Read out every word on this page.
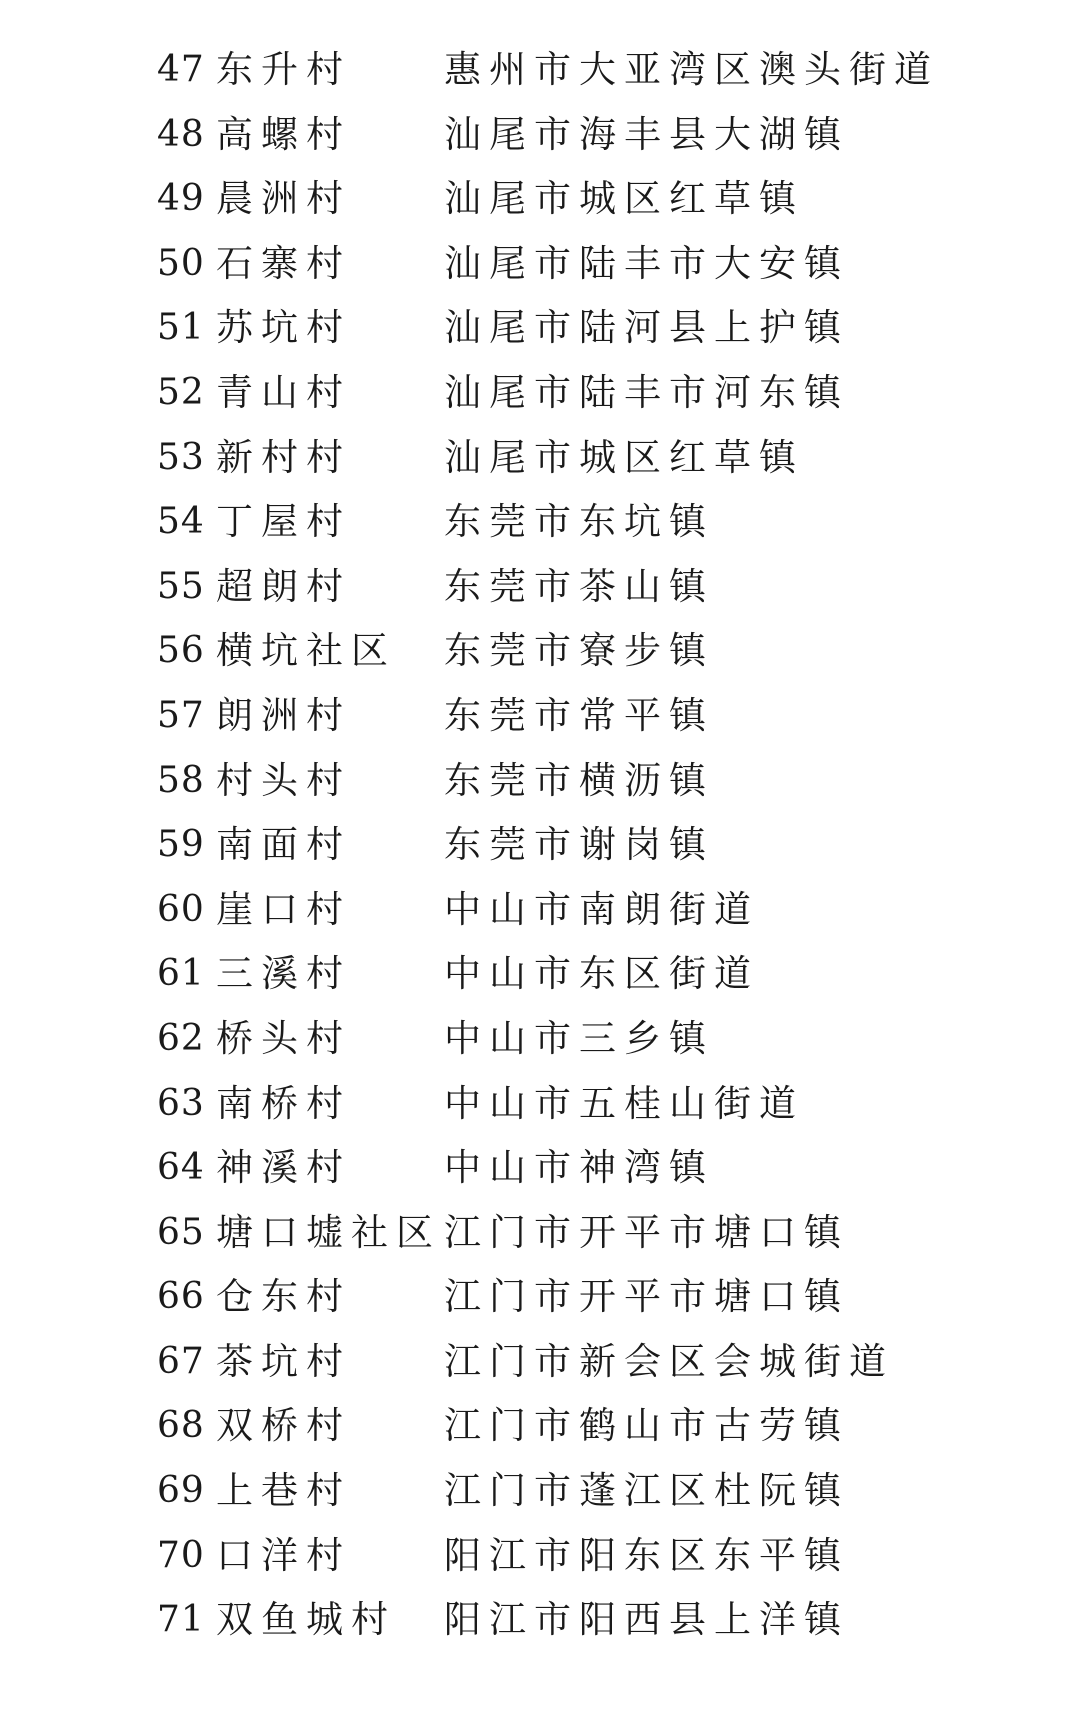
47 东升村	惠州市大亚湾区澳头街道
48 高螺村	汕尾市海丰县大湖镇
49 晨洲村	汕尾市城区红草镇
50 石寨村	汕尾市陆丰市大安镇
51 苏坑村	汕尾市陆河县上护镇
52 青山村	汕尾市陆丰市河东镇
53 新村村	汕尾市城区红草镇
54 丁屋村	东莞市东坑镇
55 超朗村	东莞市茶山镇
56 横坑社区 东莞市寮步镇
57 朗洲村	东莞市常平镇
58 村头村	东莞市横沥镇
59 南面村	东莞市谢岗镇
60 崖口村	中山市南朗街道
61 三溪村	中山市东区街道
62 桥头村	中山市三乡镇
63 南桥村	中山市五桂山街道
64 神溪村	中山市神湾镇
65 塘口墟社区 江门市开平市塘口镇
66 仓东村	江门市开平市塘口镇
67 茶坑村	江门市新会区会城街道
68 双桥村	江门市鹤山市古劳镇
69 上巷村	江门市蓬江区杜阮镇
70 口洋村	阳江市阳东区东平镇
71 双鱼城村 阳江市阳西县上洋镇
